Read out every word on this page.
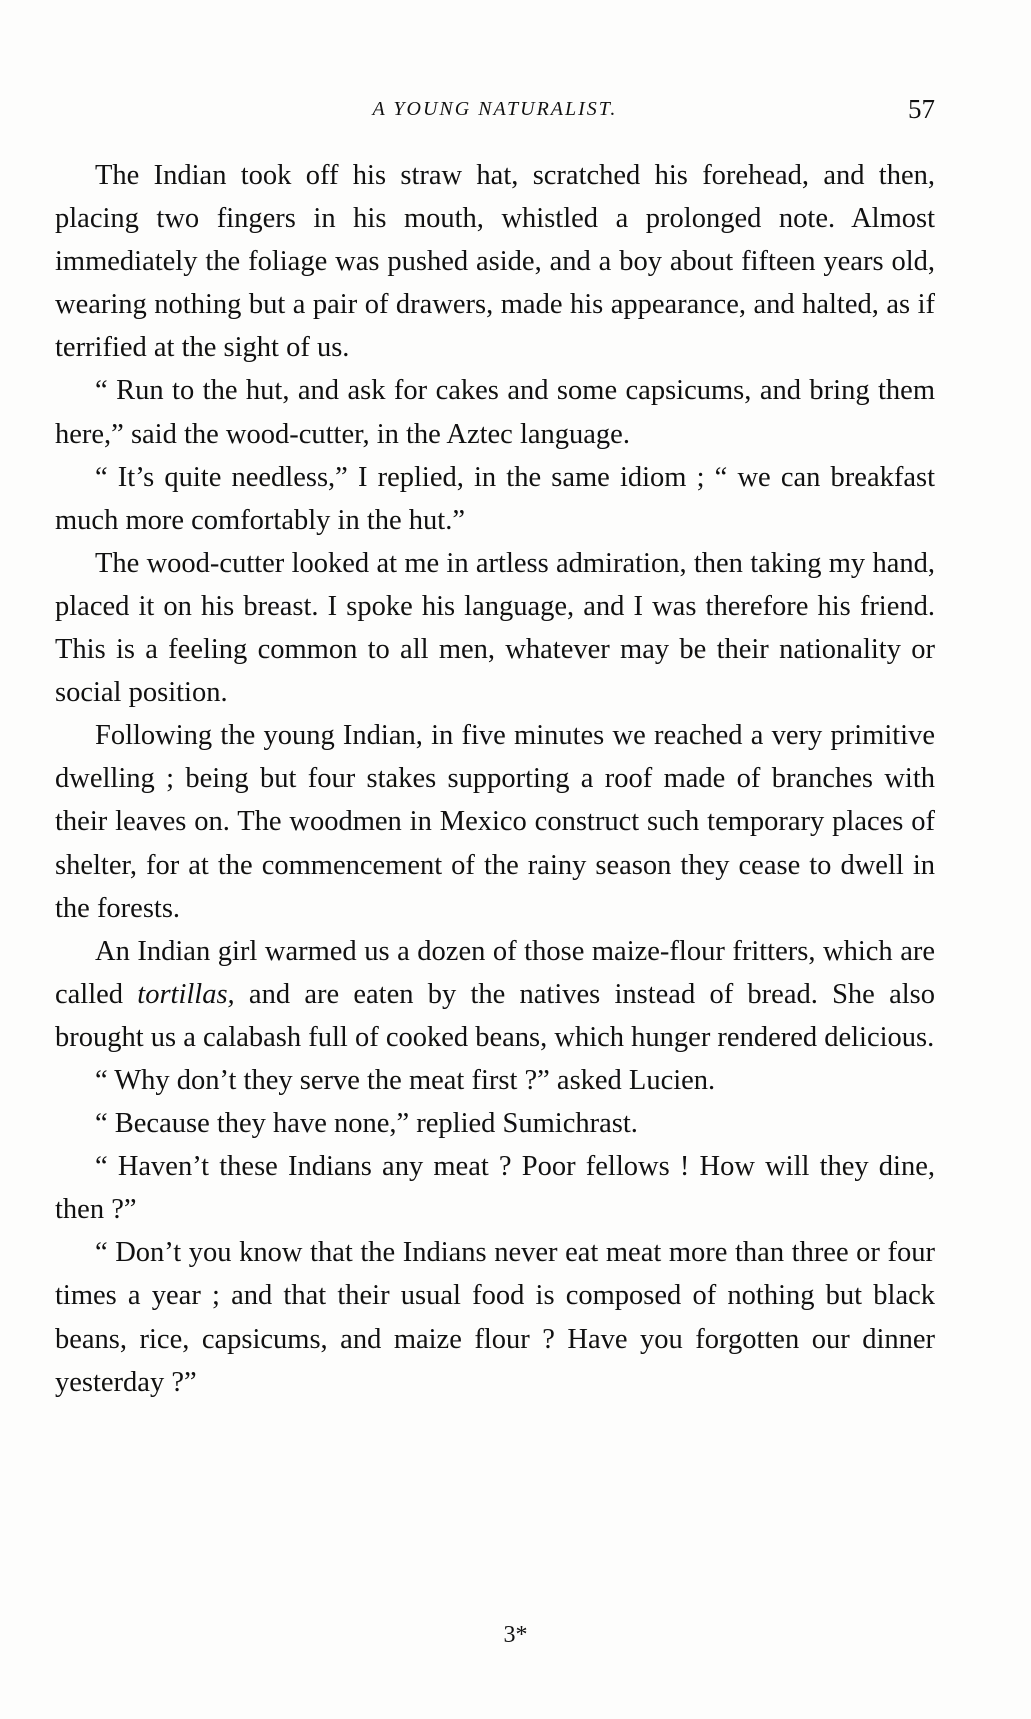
A YOUNG NATURALIST.	57

The Indian took off his straw hat, scratched his forehead, and then, placing two fingers in his mouth, whistled a prolonged note. Almost immediately the foliage was pushed aside, and a boy about fifteen years old, wearing nothing but a pair of drawers, made his appearance, and halted, as if terrified at the sight of us.

“ Run to the hut, and ask for cakes and some capsicums, and bring them here,” said the wood-cutter, in the Aztec language.

“ It’s quite needless,” I replied, in the same idiom ; “ we can breakfast much more comfortably in the hut.”

The wood-cutter looked at me in artless admiration, then taking my hand, placed it on his breast. I spoke his language, and I was therefore his friend. This is a feeling common to all men, whatever may be their nationality or social position.

Following the young Indian, in five minutes we reached a very primitive dwelling ; being but four stakes supporting a roof made of branches with their leaves on. The woodmen in Mexico construct such temporary places of shelter, for at the commencement of the rainy season they cease to dwell in the forests.

An Indian girl warmed us a dozen of those maize-flour fritters, which are called tortillas, and are eaten by the natives instead of bread. She also brought us a calabash full of cooked beans, which hunger rendered delicious.

“ Why don’t they serve the meat first ?” asked Lucien.

“ Because they have none,” replied Sumichrast.

“ Haven’t these Indians any meat ? Poor fellows ! How will they dine, then ?”

“ Don’t you know that the Indians never eat meat more than three or four times a year ; and that their usual food is composed of nothing but black beans, rice, capsicums, and maize flour ? Have you forgotten our dinner yesterday ?”

3*
